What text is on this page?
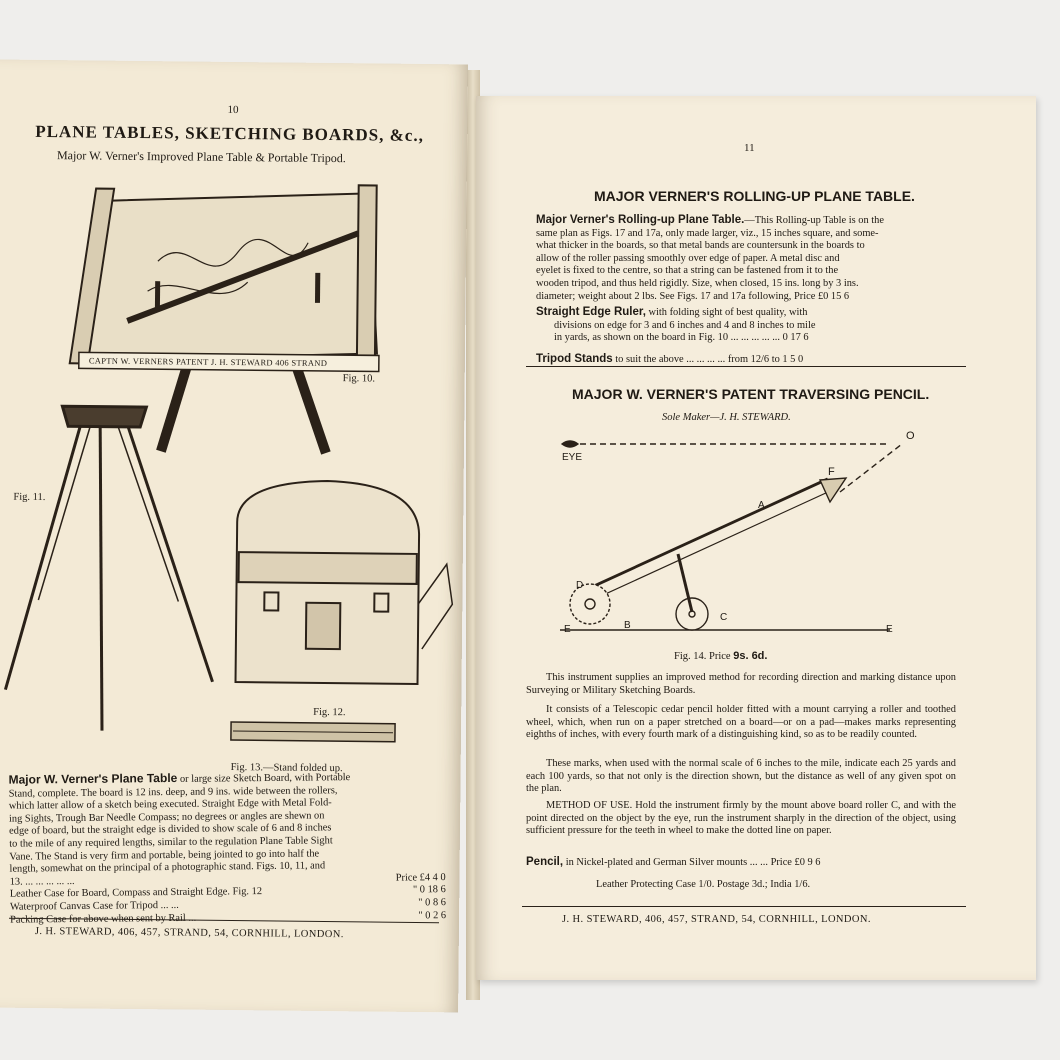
10
PLANE TABLES, SKETCHING BOARDS, &c.,
Major W. Verner's Improved Plane Table & Portable Tripod.
CAPTN W. VERNERS PATENT J. H. STEWARD 406 STRAND
Fig. 10.
Fig. 11.
Fig. 12.
Fig. 13.—Stand folded up.
Major W. Verner's Plane Table or large size Sketch Board, with Portable
Stand, complete. The board is 12 ins. deep, and 9 ins. wide between the rollers,
which latter allow of a sketch being executed. Straight Edge with Metal Fold-
ing Sights, Trough Bar Needle Compass; no degrees or angles are shewn on
edge of board, but the straight edge is divided to show scale of 6 and 8 inches
to the mile of any required lengths, similar to the regulation Plane Table Sight
Vane. The Stand is very firm and portable, being jointed to go into half the
length, somewhat on the principal of a photographic stand. Figs. 10, 11, and
13. ... ... ... ... ...	Price £4 4 0
Leather Case for Board, Compass and Straight Edge. Fig. 12	" 0 18 6
Waterproof Canvas Case for Tripod ... ...	" 0 8 6
Packing Case for above when sent by Rail ...	" 0 2 6
J. H. STEWARD, 406, 457, STRAND, 54, CORNHILL, LONDON.
11
MAJOR VERNER'S ROLLING-UP PLANE TABLE.
Major Verner's Rolling-up Plane Table.—This Rolling-up Table is on the
same plan as Figs. 17 and 17a, only made larger, viz., 15 inches square, and some-
what thicker in the boards, so that metal bands are countersunk in the boards to
allow of the roller passing smoothly over edge of paper. A metal disc and
eyelet is fixed to the centre, so that a string can be fastened from it to the
wooden tripod, and thus held rigidly. Size, when closed, 15 ins. long by 3 ins.
diameter; weight about 2 lbs. See Figs. 17 and 17a following, Price £0 15 6
Straight Edge Ruler, with folding sight of best quality, with
divisions on edge for 3 and 6 inches and 4 and 8 inches to mile
in yards, as shown on the board in Fig. 10 ... ... ... ... ... 0 17 6
Tripod Stands to suit the above ... ... ... ... from 12/6 to 1 5 0
MAJOR W. VERNER'S PATENT TRAVERSING PENCIL.
Sole Maker—J. H. STEWARD.
EYE
O
F
A
D
B
C
E	E
Fig. 14. Price 9s. 6d.
This instrument supplies an improved method for recording direction and marking distance upon Surveying or Military Sketching Boards.
It consists of a Telescopic cedar pencil holder fitted with a mount carrying a roller and toothed wheel, which, when run on a paper stretched on a board—or on a pad—makes marks representing eighths of inches, with every fourth mark of a distinguishing kind, so as to be readily counted.
These marks, when used with the normal scale of 6 inches to the mile, indicate each 25 yards and each 100 yards, so that not only is the direction shown, but the distance as well of any given spot on the plan.
METHOD OF USE. Hold the instrument firmly by the mount above board roller C, and with the point directed on the object by the eye, run the instrument sharply in the direction of the object, using sufficient pressure for the teeth in wheel to make the dotted line on paper.
Pencil, in Nickel-plated and German Silver mounts ... ... Price £0 9 6
Leather Protecting Case 1/0. Postage 3d.; India 1/6.
J. H. STEWARD, 406, 457, STRAND, 54, CORNHILL, LONDON.
